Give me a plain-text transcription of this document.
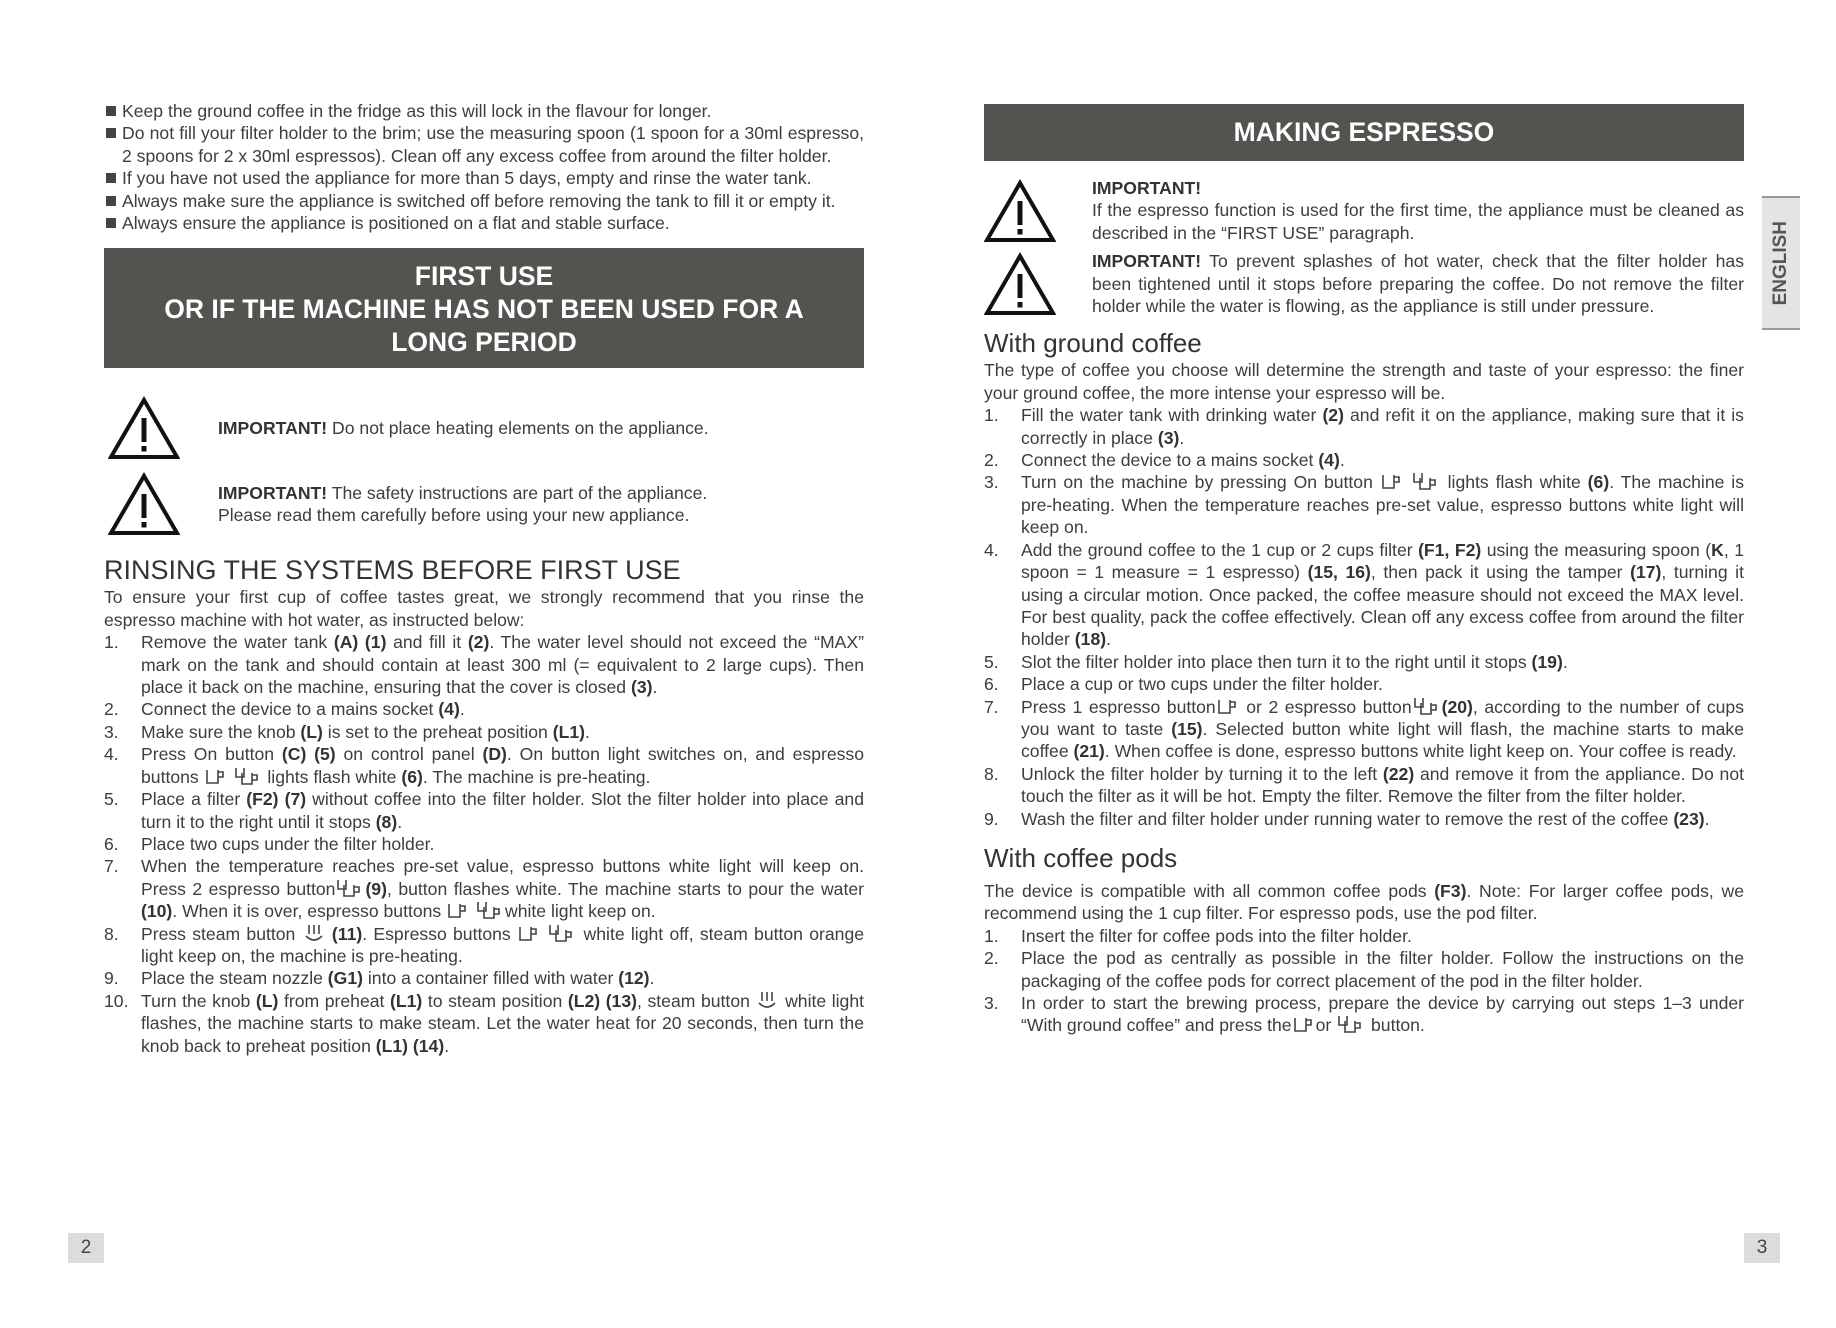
Keep the ground coffee in the fridge as this will lock in the flavour for longer.
Do not fill your filter holder to the brim; use the measuring spoon (1 spoon for a 30ml espresso, 2 spoons for 2 x 30ml espressos). Clean off any excess coffee from around the filter holder.
If you have not used the appliance for more than 5 days, empty and rinse the water tank.
Always make sure the appliance is switched off before removing the tank to fill it or empty it.
Always ensure the appliance is positioned on a flat and stable surface.
FIRST USE
OR IF THE MACHINE HAS NOT BEEN USED FOR A
LONG PERIOD
IMPORTANT! Do not place heating elements on the appliance.
IMPORTANT! The safety instructions are part of the appliance.
Please read them carefully before using your new appliance.
RINSING THE SYSTEMS BEFORE FIRST USE

To ensure your first cup of coffee tastes great, we strongly recommend that you rinse the espresso machine with hot water, as instructed below:

1. Remove the water tank (A) (1) and fill it (2). The water level should not exceed the “MAX” mark on the tank and should contain at least 300 ml (= equivalent to 2 large cups). Then place it back on the machine, ensuring that the cover is closed (3).
2. Connect the device to a mains socket (4).
3. Make sure the knob (L) is set to the preheat position (L1).
4. Press On button (C) (5) on control panel (D). On button light switches on, and espresso buttons	lights flash white (6). The machine is pre-heating.
5. Place a filter (F2) (7) without coffee into the filter holder. Slot the filter holder into place and turn it to the right until it stops (8).
6. Place two cups under the filter holder.
7. When the temperature reaches pre-set value, espresso buttons white light will keep on. Press 2 espresso button (9), button flashes white. The machine starts to pour the water (10). When it is over, espresso buttons	white light keep on.
8. Press steam button  (11). Espresso buttons	white light off, steam button orange light keep on, the machine is pre-heating.
9. Place the steam nozzle (G1) into a container filled with water (12).
10. Turn the knob (L) from preheat (L1) to steam position (L2) (13), steam button  white light flashes, the machine starts to make steam. Let the water heat for 20 seconds, then turn the knob back to preheat position (L1) (14).
MAKING ESPRESSO
IMPORTANT!
If the espresso function is used for the first time, the appliance must be cleaned as described in the “FIRST USE” paragraph.
IMPORTANT! To prevent splashes of hot water, check that the filter holder has been tightened until it stops before preparing the coffee. Do not remove the filter holder while the water is flowing, as the appliance is still under pressure.
With ground coffee

The type of coffee you choose will determine the strength and taste of your espresso: the finer your ground coffee, the more intense your espresso will be.

1. Fill the water tank with drinking water (2) and refit it on the appliance, making sure that it is correctly in place (3).
2. Connect the device to a mains socket (4).
3. Turn on the machine by pressing On button	lights flash white (6). The machine is pre-heating. When the temperature reaches pre-set value, espresso buttons white light will keep on.
4. Add the ground coffee to the 1 cup or 2 cups filter (F1, F2) using the measuring spoon (K, 1 spoon = 1 measure = 1 espresso) (15, 16), then pack it using the tamper (17), turning it using a circular motion. Once packed, the coffee measure should not exceed the MAX level. For best quality, pack the coffee effectively. Clean off any excess coffee from around the filter holder (18).
5. Slot the filter holder into place then turn it to the right until it stops (19).
6. Place a cup or two cups under the filter holder.
7. Press 1 espresso button or 2 espresso button (20), according to the number of cups you want to taste (15). Selected button white light will flash, the machine starts to make coffee (21). When coffee is done, espresso buttons white light keep on. Your coffee is ready.
8. Unlock the filter holder by turning it to the left (22) and remove it from the appliance. Do not touch the filter as it will be hot. Empty the filter. Remove the filter from the filter holder.
9. Wash the filter and filter holder under running water to remove the rest of the coffee (23).
With coffee pods

The device is compatible with all common coffee pods (F3). Note: For larger coffee pods, we recommend using the 1 cup filter. For espresso pods, use the pod filter.

1. Insert the filter for coffee pods into the filter holder.
2. Place the pod as centrally as possible in the filter holder. Follow the instructions on the packaging of the coffee pods for correct placement of the pod in the filter holder.
3. In order to start the brewing process, prepare the device by carrying out steps 1–3 under “With ground coffee” and press the or  button.
ENGLISH
2	3
